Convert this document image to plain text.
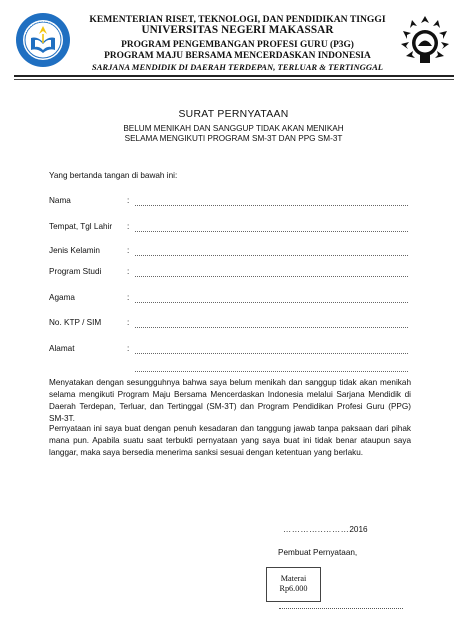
KEMENTERIAN RISET, TEKNOLOGI, DAN PENDIDIKAN TINGGI
UNIVERSITAS NEGERI MAKASSAR
PROGRAM PENGEMBANGAN PROFESI GURU (P3G)
PROGRAM MAJU BERSAMA MENCERDASKAN INDONESIA
SARJANA MENDIDIK DI DAERAH TERDEPAN, TERLUAR & TERTINGGAL
SURAT PERNYATAAN
BELUM MENIKAH DAN SANGGUP TIDAK AKAN MENIKAH
SELAMA MENGIKUTI PROGRAM SM-3T DAN PPG SM-3T
Yang bertanda tangan di bawah ini:
Nama	:
Tempat, Tgl Lahir :
Jenis Kelamin	:
Program Studi	:
Agama	:
No. KTP / SIM	:
Alamat	:
Menyatakan dengan sesungguhnya bahwa saya belum menikah dan sanggup tidak akan menikah selama mengikuti Program Maju Bersama Mencerdaskan Indonesia melalui Sarjana Mendidik di Daerah Terdepan, Terluar, dan Tertinggal (SM-3T) dan Program Pendidikan Profesi Guru (PPG) SM-3T.
Pernyataan ini saya buat dengan penuh kesadaran dan tanggung jawab tanpa paksaan dari pihak mana pun. Apabila suatu saat terbukti pernyataan yang saya buat ini tidak benar ataupun saya langgar, maka saya bersedia menerima sanksi sesuai dengan ketentuan yang berlaku.
…………..………2016
Pembuat Pernyataan,
Materai
Rp6.000
